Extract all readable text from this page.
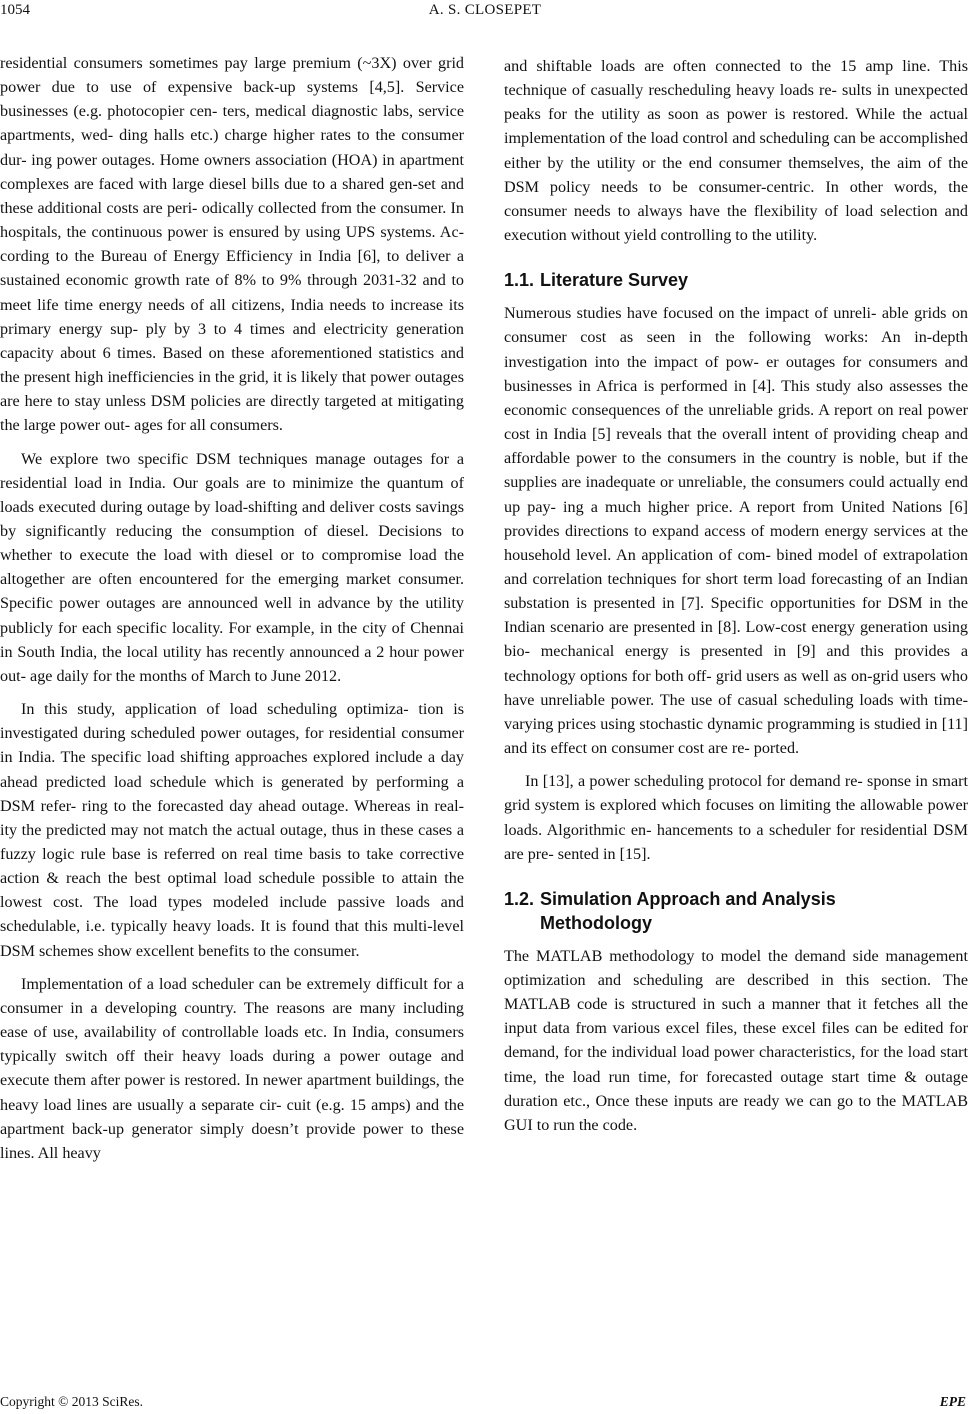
1054	A. S. CLOSEPET

residential consumers sometimes pay large premium (~3X) over grid power due to use of expensive back-up systems [4,5]. Service businesses (e.g. photocopier cen- ters, medical diagnostic labs, service apartments, wed- ding halls etc.) charge higher rates to the consumer dur- ing power outages. Home owners association (HOA) in apartment complexes are faced with large diesel bills due to a shared gen-set and these additional costs are peri- odically collected from the consumer. In hospitals, the continuous power is ensured by using UPS systems. Ac- cording to the Bureau of Energy Efficiency in India [6], to deliver a sustained economic growth rate of 8% to 9% through 2031-32 and to meet life time energy needs of all citizens, India needs to increase its primary energy sup- ply by 3 to 4 times and electricity generation capacity about 6 times. Based on these aforementioned statistics and the present high inefficiencies in the grid, it is likely that power outages are here to stay unless DSM policies are directly targeted at mitigating the large power out- ages for all consumers.

We explore two specific DSM techniques manage outages for a residential load in India. Our goals are to minimize the quantum of loads executed during outage by load-shifting and deliver costs savings by significantly reducing the consumption of diesel. Decisions to whether to execute the load with diesel or to compromise load the altogether are often encountered for the emerging market consumer. Specific power outages are announced well in advance by the utility publicly for each specific locality. For example, in the city of Chennai in South India, the local utility has recently announced a 2 hour power out- age daily for the months of March to June 2012.

In this study, application of load scheduling optimiza- tion is investigated during scheduled power outages, for residential consumer in India. The specific load shifting approaches explored include a day ahead predicted load schedule which is generated by performing a DSM refer- ring to the forecasted day ahead outage. Whereas in real- ity the predicted may not match the actual outage, thus in these cases a fuzzy logic rule base is referred on real time basis to take corrective action & reach the best optimal load schedule possible to attain the lowest cost. The load types modeled include passive loads and schedulable, i.e. typically heavy loads. It is found that this multi-level DSM schemes show excellent benefits to the consumer.

Implementation of a load scheduler can be extremely difficult for a consumer in a developing country. The reasons are many including ease of use, availability of controllable loads etc. In India, consumers typically switch off their heavy loads during a power outage and execute them after power is restored. In newer apartment buildings, the heavy load lines are usually a separate cir- cuit (e.g. 15 amps) and the apartment back-up generator simply doesn’t provide power to these lines. All heavy

and shiftable loads are often connected to the 15 amp line. This technique of casually rescheduling heavy loads re- sults in unexpected peaks for the utility as soon as power is restored. While the actual implementation of the load control and scheduling can be accomplished either by the utility or the end consumer themselves, the aim of the DSM policy needs to be consumer-centric. In other words, the consumer needs to always have the flexibility of load selection and execution without yield controlling to the utility.

1.1. Literature Survey

Numerous studies have focused on the impact of unreli- able grids on consumer cost as seen in the following works: An in-depth investigation into the impact of pow- er outages for consumers and businesses in Africa is performed in [4]. This study also assesses the economic consequences of the unreliable grids. A report on real power cost in India [5] reveals that the overall intent of providing cheap and affordable power to the consumers in the country is noble, but if the supplies are inadequate or unreliable, the consumers could actually end up pay- ing a much higher price. A report from United Nations [6] provides directions to expand access of modern energy services at the household level. An application of com- bined model of extrapolation and correlation techniques for short term load forecasting of an Indian substation is presented in [7]. Specific opportunities for DSM in the Indian scenario are presented in [8]. Low-cost energy generation using bio- mechanical energy is presented in [9] and this provides a technology options for both off- grid users as well as on-grid users who have unreliable power. The use of casual scheduling loads with time- varying prices using stochastic dynamic programming is studied in [11] and its effect on consumer cost are re- ported.

In [13], a power scheduling protocol for demand re- sponse in smart grid system is explored which focuses on limiting the allowable power loads. Algorithmic en- hancements to a scheduler for residential DSM are pre- sented in [15].

1.2. Simulation Approach and Analysis
Methodology

The MATLAB methodology to model the demand side management optimization and scheduling are described in this section. The MATLAB code is structured in such a manner that it fetches all the input data from various excel files, these excel files can be edited for demand, for the individual load power characteristics, for the load start time, the load run time, for forecasted outage start time & outage duration etc., Once these inputs are ready we can go to the MATLAB GUI to run the code.

Copyright © 2013 SciRes.	EPE
